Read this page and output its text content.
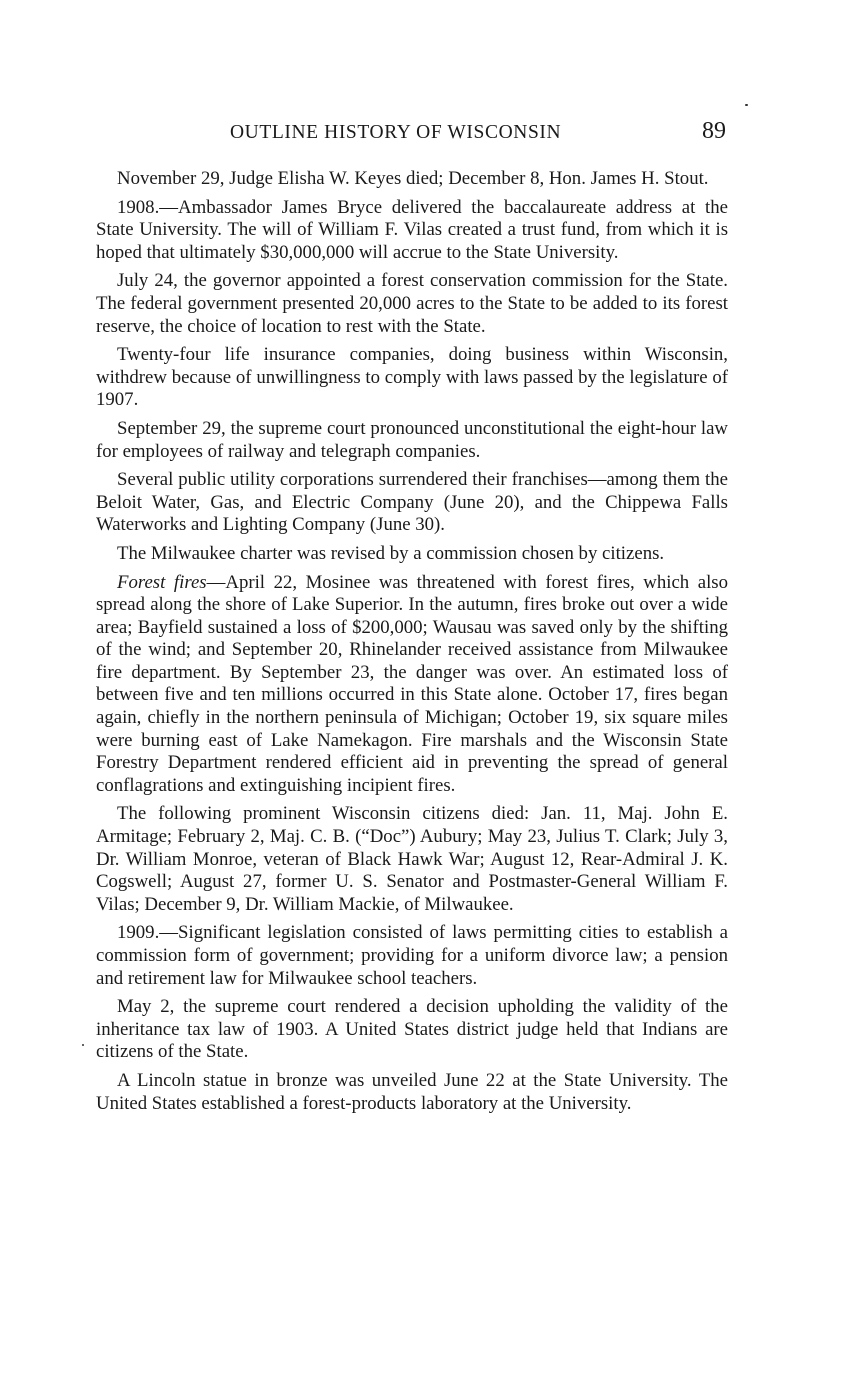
OUTLINE HISTORY OF WISCONSIN	89

November 29, Judge Elisha W. Keyes died; December 8, Hon. James H. Stout.

1908.—Ambassador James Bryce delivered the baccalaureate address at the State University. The will of William F. Vilas created a trust fund, from which it is hoped that ultimately $30,000,000 will accrue to the State University.

July 24, the governor appointed a forest conservation commission for the State. The federal government presented 20,000 acres to the State to be added to its forest reserve, the choice of location to rest with the State.

Twenty-four life insurance companies, doing business within Wisconsin, withdrew because of unwillingness to comply with laws passed by the legislature of 1907.

September 29, the supreme court pronounced unconstitutional the eight-hour law for employees of railway and telegraph companies.

Several public utility corporations surrendered their franchises—among them the Beloit Water, Gas, and Electric Company (June 20), and the Chippewa Falls Waterworks and Lighting Company (June 30).

The Milwaukee charter was revised by a commission chosen by citizens.

Forest fires—April 22, Mosinee was threatened with forest fires, which also spread along the shore of Lake Superior. In the autumn, fires broke out over a wide area; Bayfield sustained a loss of $200,000; Wausau was saved only by the shifting of the wind; and September 20, Rhinelander received assistance from Milwaukee fire department. By September 23, the danger was over. An estimated loss of between five and ten millions occurred in this State alone. October 17, fires began again, chiefly in the northern peninsula of Michigan; October 19, six square miles were burning east of Lake Namekagon. Fire marshals and the Wisconsin State Forestry Department rendered efficient aid in preventing the spread of general conflagrations and extinguishing incipient fires.

The following prominent Wisconsin citizens died: Jan. 11, Maj. John E. Armitage; February 2, Maj. C. B. (“Doc”) Aubury; May 23, Julius T. Clark; July 3, Dr. William Monroe, veteran of Black Hawk War; August 12, Rear-Admiral J. K. Cogswell; August 27, former U. S. Senator and Postmaster-General William F. Vilas; December 9, Dr. William Mackie, of Milwaukee.

1909.—Significant legislation consisted of laws permitting cities to establish a commission form of government; providing for a uniform divorce law; a pension and retirement law for Milwaukee school teachers.

May 2, the supreme court rendered a decision upholding the validity of the inheritance tax law of 1903. A United States district judge held that Indians are citizens of the State.

A Lincoln statue in bronze was unveiled June 22 at the State University. The United States established a forest-products laboratory at the University.
